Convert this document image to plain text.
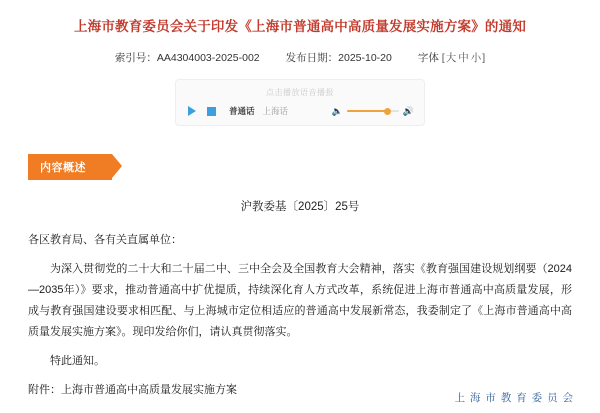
上海市教育委员会关于印发《上海市普通高中高质量发展实施方案》的通知
索引号：AA4304003-2025-002 发布日期：2025-10-20 字体 [大 中 小]
点击播放语音播报
普通话 上海话	🔈	🔊
内容概述
沪教委基〔2025〕25号

各区教育局、各有关直属单位：

为深入贯彻党的二十大和二十届二中、三中全会及全国教育大会精神，落实《教育强国建设规划纲要（2024—2035年）》要求，推动普通高中扩优提质，持续深化育人方式改革，系统促进上海市普通高中高质量发展，形成与教育强国建设要求相匹配、与上海城市定位相适应的普通高中发展新常态，我委制定了《上海市普通高中高质量发展实施方案》。现印发给你们，请认真贯彻落实。

特此通知。

附件：上海市普通高中高质量发展实施方案

上 海 市 教 育 委 员 会
